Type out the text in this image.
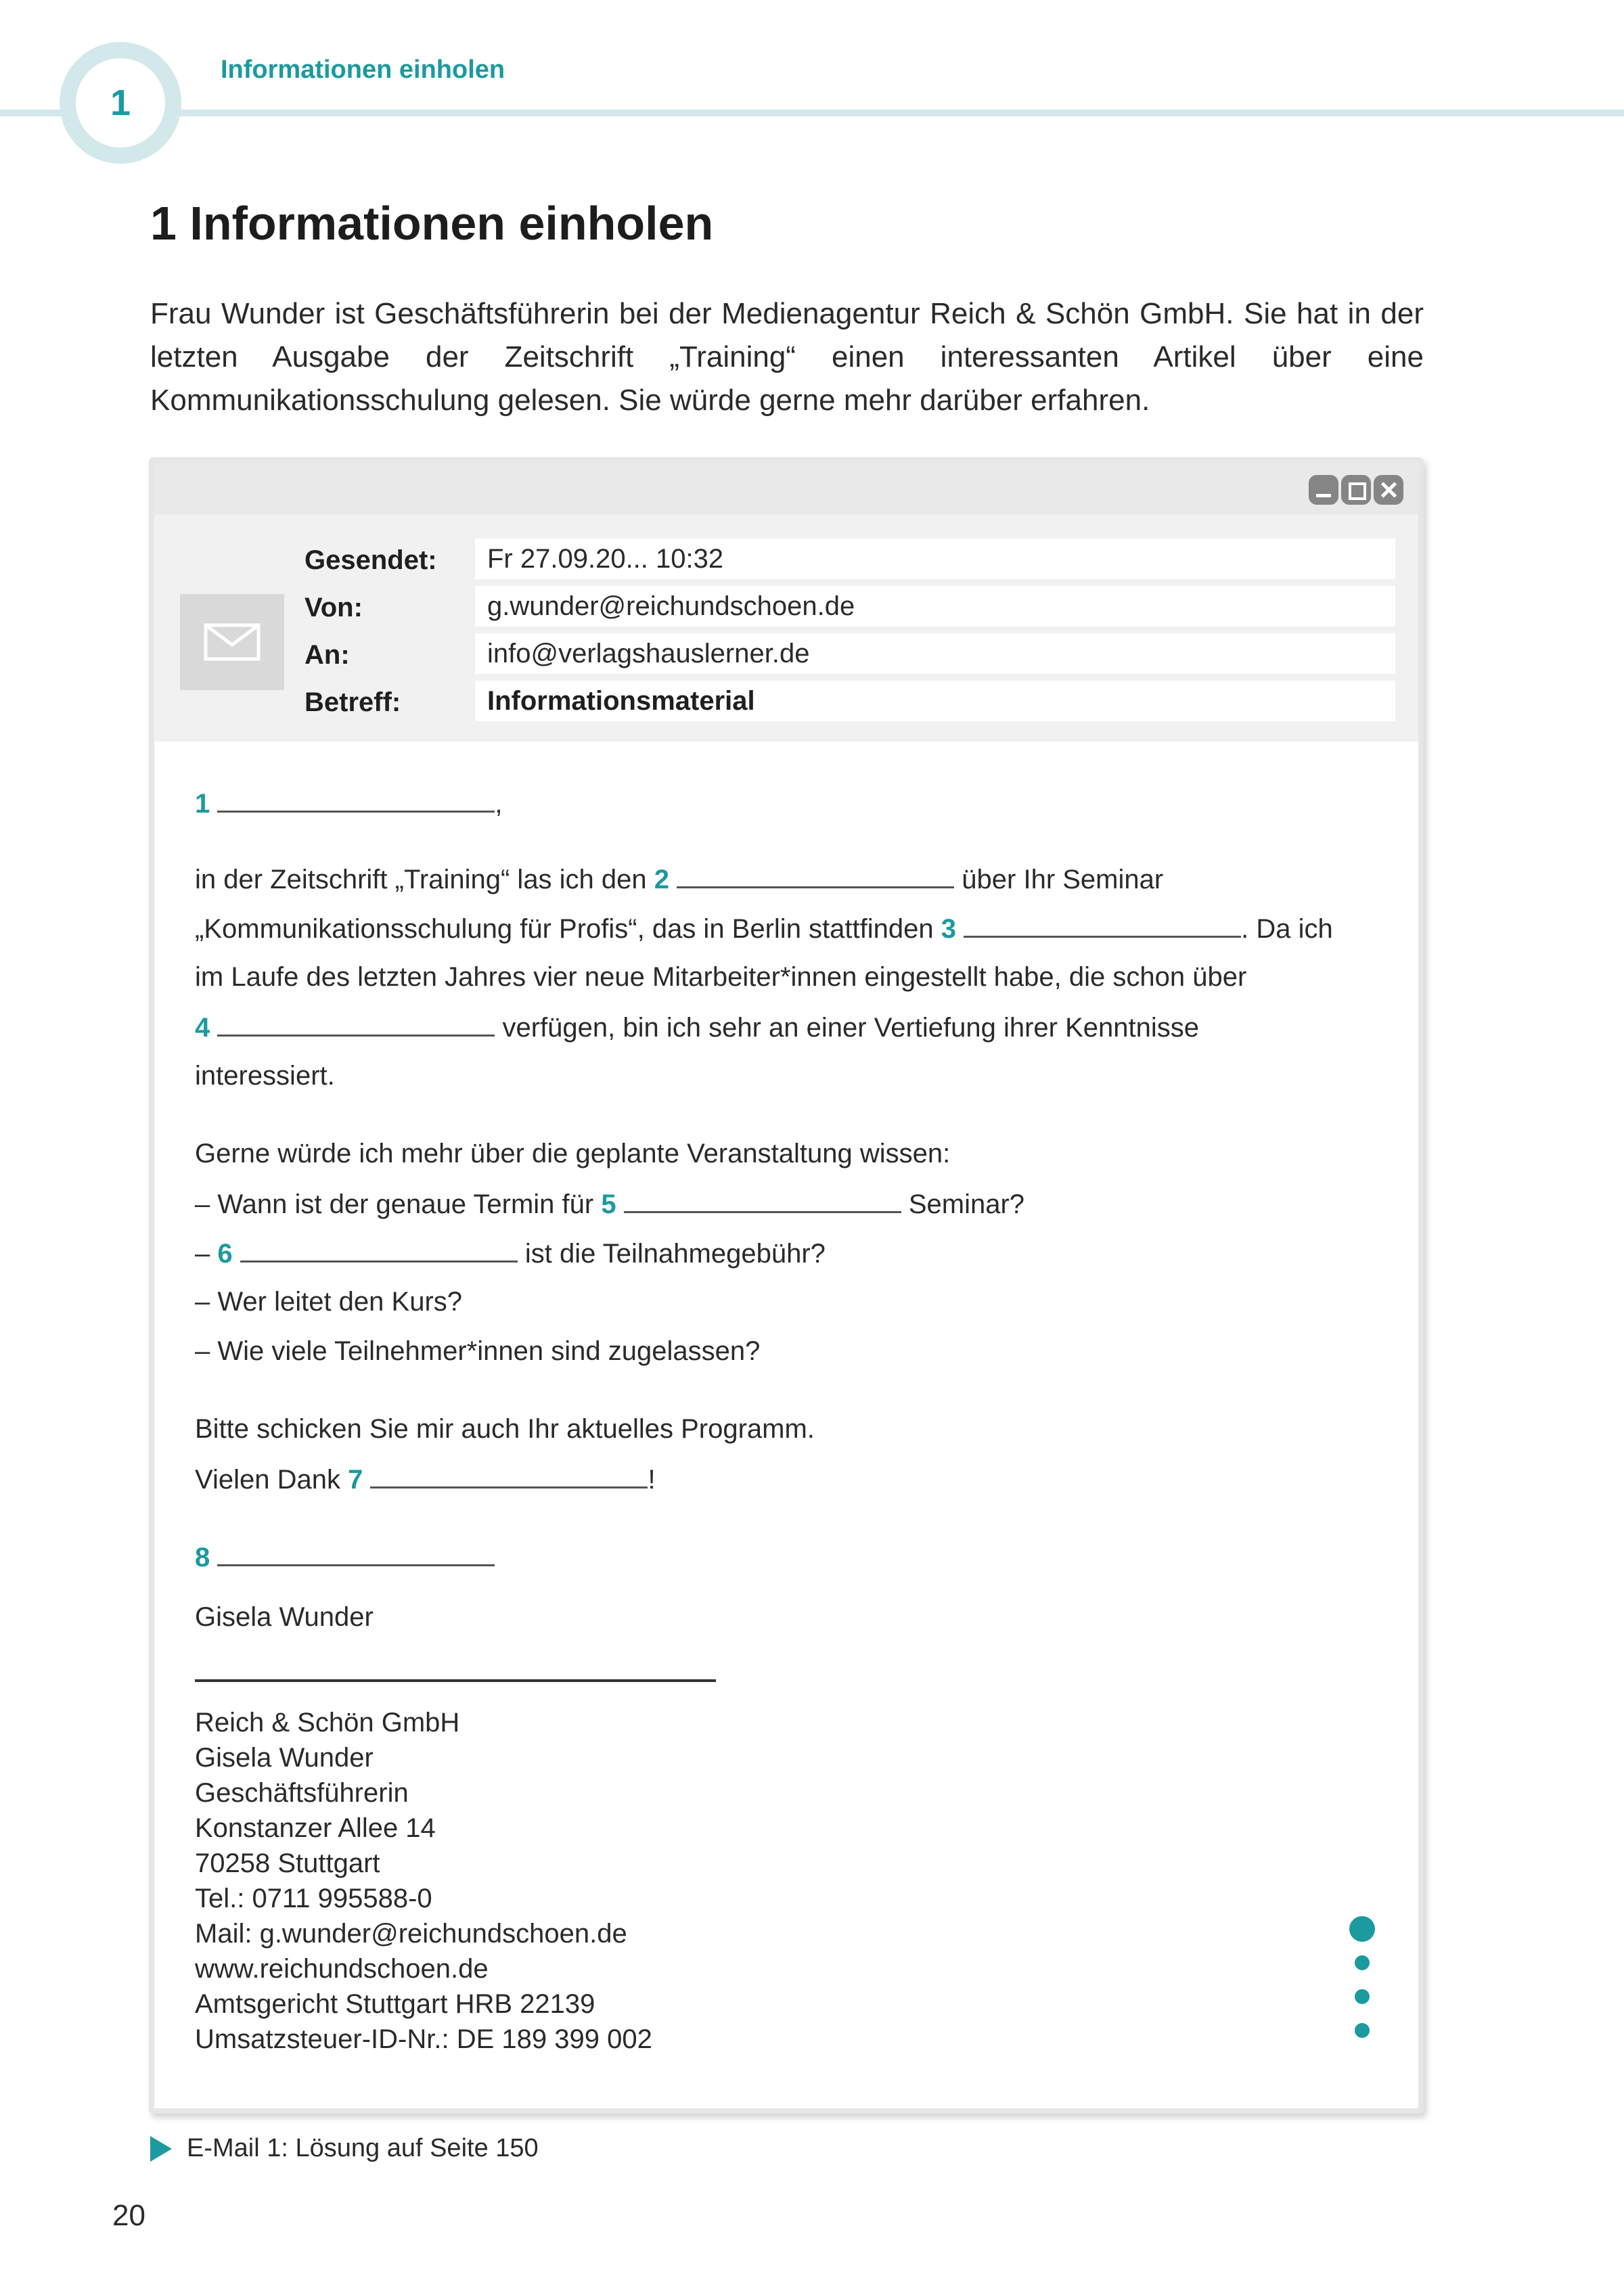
1
Informationen einholen
1 Informationen einholen

Frau Wunder ist Geschäftsführerin bei der Medienagentur Reich & Schön GmbH. Sie hat in der letzten Ausgabe der Zeitschrift „Training“ einen interessanten Artikel über eine Kommunikationsschulung gelesen. Sie würde gerne mehr darüber erfahren.

Gesendet:	Fr 27.09.20... 10:32
Von:	g.wunder@reichundschoen.de
An:	info@verlagshauslerner.de
Betreff:	Informationsmaterial
1	,
in der Zeitschrift „Training“ las ich den 2	über Ihr Seminar
„Kommunikationsschulung für Profis“, das in Berlin stattfinden 3	. Da ich
im Laufe des letzten Jahres vier neue Mitarbeiter*innen eingestellt habe, die schon über
4	verfügen, bin ich sehr an einer Vertiefung ihrer Kenntnisse
interessiert.
Gerne würde ich mehr über die geplante Veranstaltung wissen:
– Wann ist der genaue Termin für 5	Seminar?
– 6	ist die Teilnahmegebühr?
– Wer leitet den Kurs?
– Wie viele Teilnehmer*innen sind zugelassen?
Bitte schicken Sie mir auch Ihr aktuelles Programm.
Vielen Dank 7	!
8
Gisela Wunder
Reich & Schön GmbH
Gisela Wunder
Geschäftsführerin
Konstanzer Allee 14
70258 Stuttgart
Tel.: 0711 995588-0
Mail: g.wunder@reichundschoen.de
www.reichundschoen.de
Amtsgericht Stuttgart HRB 22139
Umsatzsteuer-ID-Nr.: DE 189 399 002
E-Mail 1: Lösung auf Seite 150
20
